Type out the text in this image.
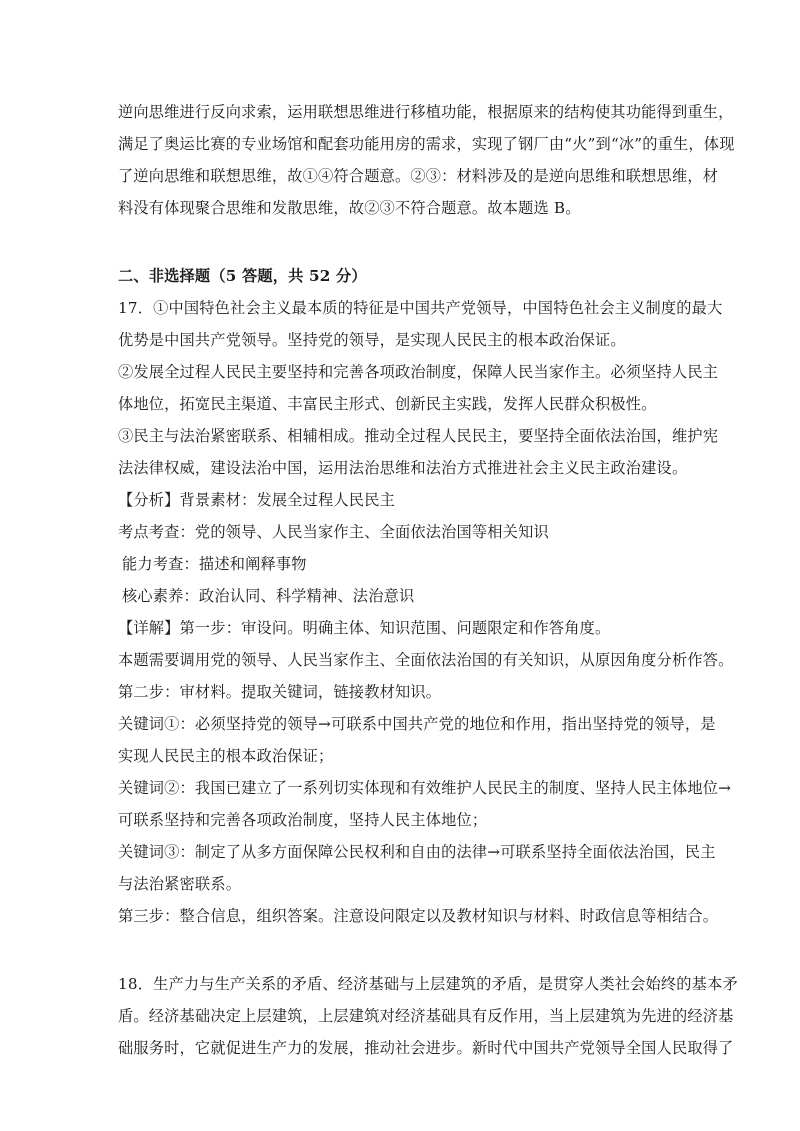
逆向思维进行反向求索，运用联想思维进行移植功能，根据原来的结构使其功能得到重生，
满足了奥运比赛的专业场馆和配套功能用房的需求，实现了钢厂由“火”到“冰”的重生，体现
了逆向思维和联想思维，故①④符合题意。②③：材料涉及的是逆向思维和联想思维，材
料没有体现聚合思维和发散思维，故②③不符合题意。故本题选 B。
二、非选择题（5 答题，共 52 分）
17．①中国特色社会主义最本质的特征是中国共产党领导，中国特色社会主义制度的最大
优势是中国共产党领导。坚持党的领导，是实现人民民主的根本政治保证。
②发展全过程人民民主要坚持和完善各项政治制度，保障人民当家作主。必须坚持人民主
体地位，拓宽民主渠道、丰富民主形式、创新民主实践，发挥人民群众积极性。
③民主与法治紧密联系、相辅相成。推动全过程人民民主，要坚持全面依法治国，维护宪
法法律权威，建设法治中国，运用法治思维和法治方式推进社会主义民主政治建设。
【分析】背景素材：发展全过程人民民主
考点考查：党的领导、人民当家作主、全面依法治国等相关知识
能力考查：描述和阐释事物
核心素养：政治认同、科学精神、法治意识
【详解】第一步：审设问。明确主体、知识范围、问题限定和作答角度。
本题需要调用党的领导、人民当家作主、全面依法治国的有关知识，从原因角度分析作答。
第二步：审材料。提取关键词，链接教材知识。
关键词①：必须坚持党的领导→可联系中国共产党的地位和作用，指出坚持党的领导，是
实现人民民主的根本政治保证；
关键词②：我国已建立了一系列切实体现和有效维护人民民主的制度、坚持人民主体地位→
可联系坚持和完善各项政治制度，坚持人民主体地位；
关键词③：制定了从多方面保障公民权利和自由的法律→可联系坚持全面依法治国，民主
与法治紧密联系。
第三步：整合信息，组织答案。注意设问限定以及教材知识与材料、时政信息等相结合。
18．生产力与生产关系的矛盾、经济基础与上层建筑的矛盾，是贯穿人类社会始终的基本矛
盾。经济基础决定上层建筑，上层建筑对经济基础具有反作用，当上层建筑为先进的经济基
础服务时，它就促进生产力的发展，推动社会进步。新时代中国共产党领导全国人民取得了
